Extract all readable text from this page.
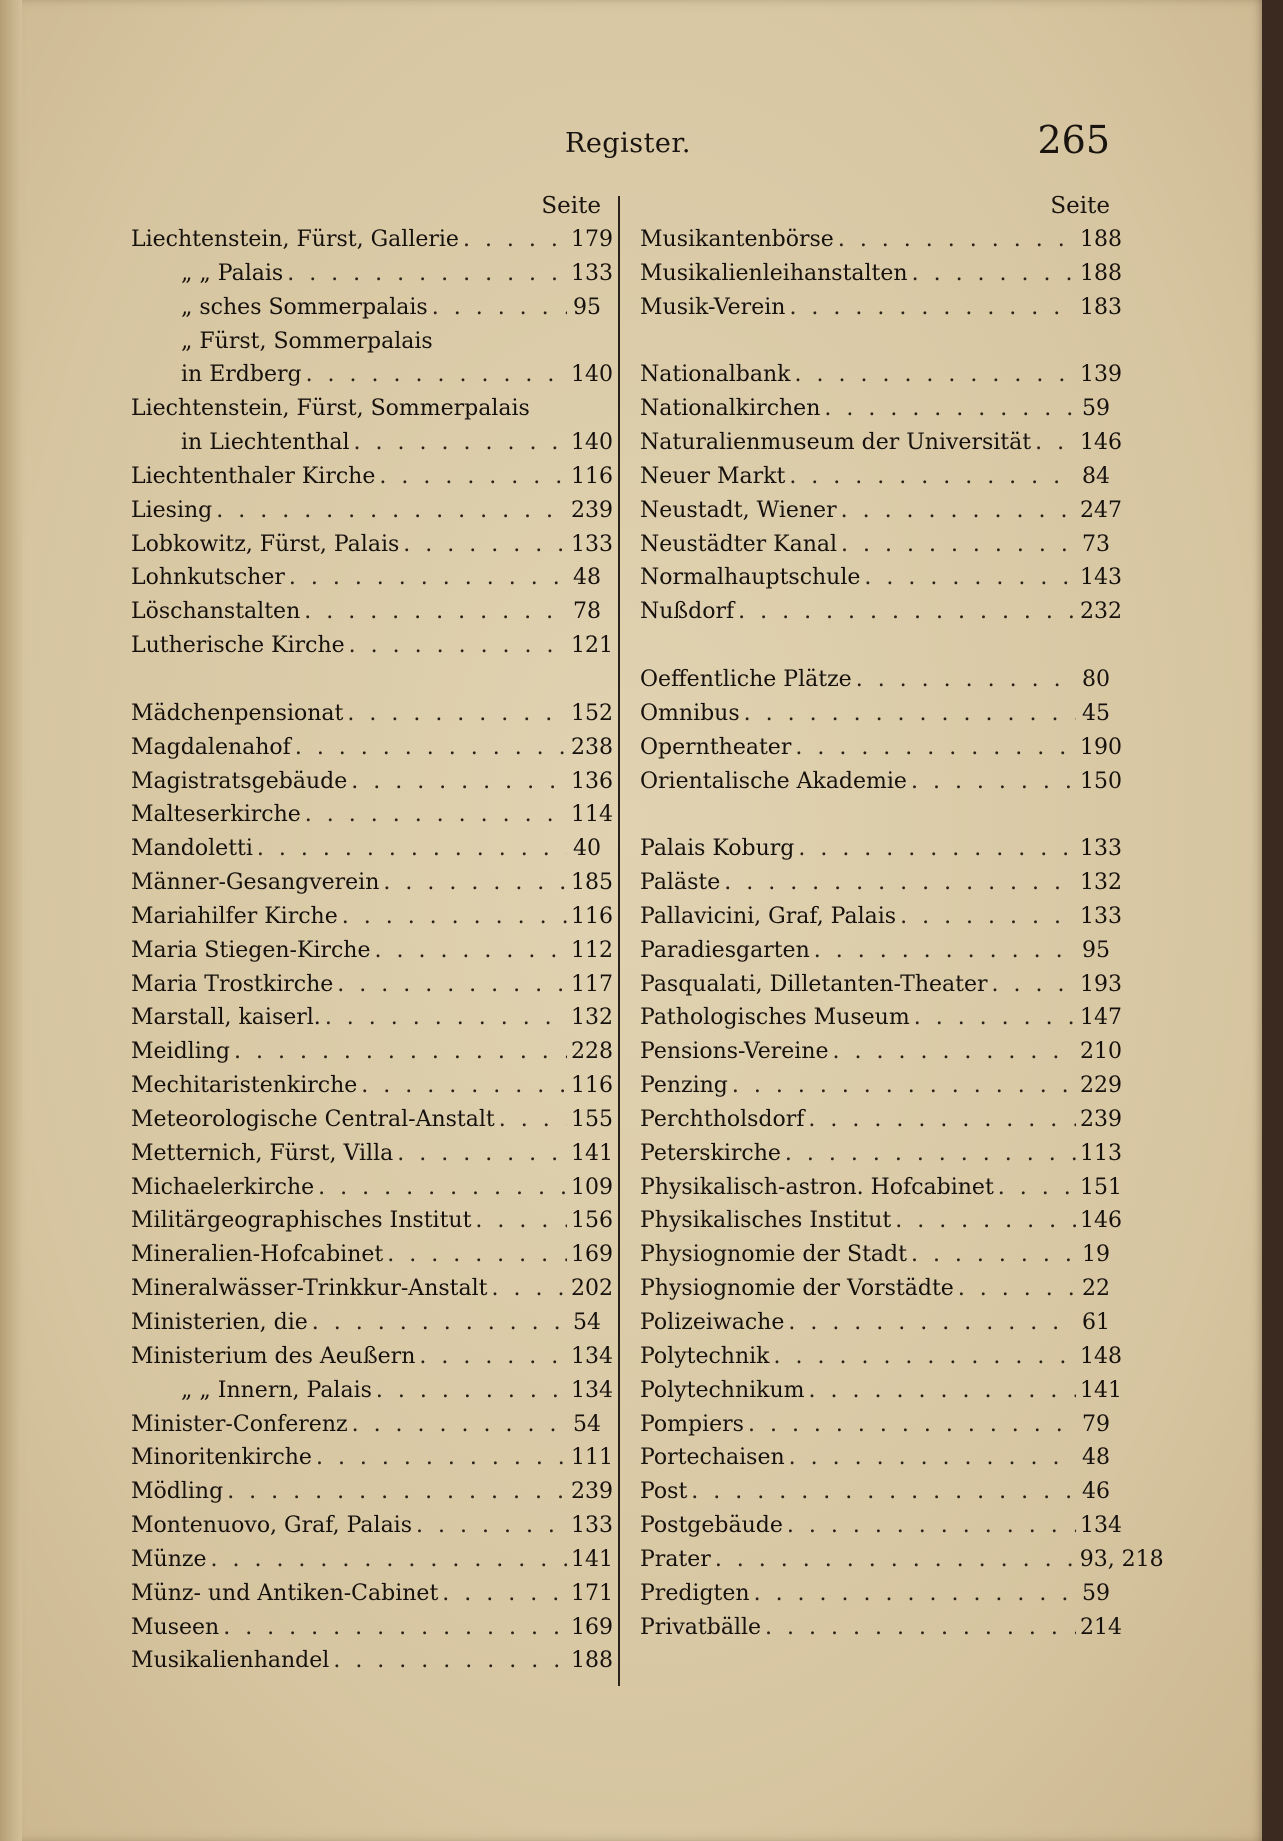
Register.	265
Seite
Liechtenstein, Fürst, Gallerie . . .	179
„ „ Palais . . .	133
„ sches Sommerpalais . . .	95
„ Fürst, Sommerpalais
in Erdberg . . .	140
Liechtenstein, Fürst, Sommerpalais
in Liechtenthal . . .	140
Liechtenthaler Kirche . . .	116
Liesing . . .	239
Lobkowitz, Fürst, Palais . . .	133
Lohnkutscher . . .	48
Löschanstalten . . .	78
Lutherische Kirche . . .	121
Mädchenpensionat . . .	152
Magdalenahof . . .	238
Magistratsgebäude . . .	136
Malteserkirche . . .	114
Mandoletti . . .	40
Männer-Gesangverein . . .	185
Mariahilfer Kirche . . .	116
Maria Stiegen-Kirche . . .	112
Maria Trostkirche . . .	117
Marstall, kaiserl. . . .	132
Meidling . . .	228
Mechitaristenkirche . . .	116
Meteorologische Central-Anstalt . . .	155
Metternich, Fürst, Villa . . .	141
Michaelerkirche . . .	109
Militärgeographisches Institut . . .	156
Mineralien-Hofcabinet . . .	169
Mineralwässer-Trinkkur-Anstalt . . .	202
Ministerien, die . . .	54
Ministerium des Aeußern . . .	134
„ „ Innern, Palais . . .	134
Minister-Conferenz . . .	54
Minoritenkirche . . .	111
Mödling . . .	239
Montenuovo, Graf, Palais . . .	133
Münze . . .	141
Münz- und Antiken-Cabinet . . .	171
Museen . . .	169
Musikalienhandel . . .	188
Seite
Musikantenbörse . . .	188
Musikalienleihanstalten . . .	188
Musik-Verein . . .	183
Nationalbank . . .	139
Nationalkirchen . . .	59
Naturalienmuseum der Universität . . . 146
Neuer Markt . . .	84
Neustadt, Wiener . . .	247
Neustädter Kanal . . .	73
Normalhauptschule . . .	143
Nußdorf . . .	232
Oeffentliche Plätze . . .	80
Omnibus . . .	45
Operntheater . . .	190
Orientalische Akademie . . .	150
Palais Koburg . . .	133
Paläste . . .	132
Pallavicini, Graf, Palais . . .	133
Paradiesgarten . . .	95
Pasqualati, Dilletanten-Theater . . .	193
Pathologisches Museum . . .	147
Pensions-Vereine . . .	210
Penzing . . .	229
Perchtholsdorf . . .	239
Peterskirche . . .	113
Physikalisch-astron. Hofcabinet . . .	151
Physikalisches Institut . . .	146
Physiognomie der Stadt . . .	19
Physiognomie der Vorstädte . . .	22
Polizeiwache . . .	61
Polytechnik . . .	148
Polytechnikum . . .	141
Pompiers . . .	79
Portechaisen . . .	48
Post . . .	46
Postgebäude . . .	134
Prater . . .	93, 218
Predigten . . .	59
Privatbälle . . .	214
